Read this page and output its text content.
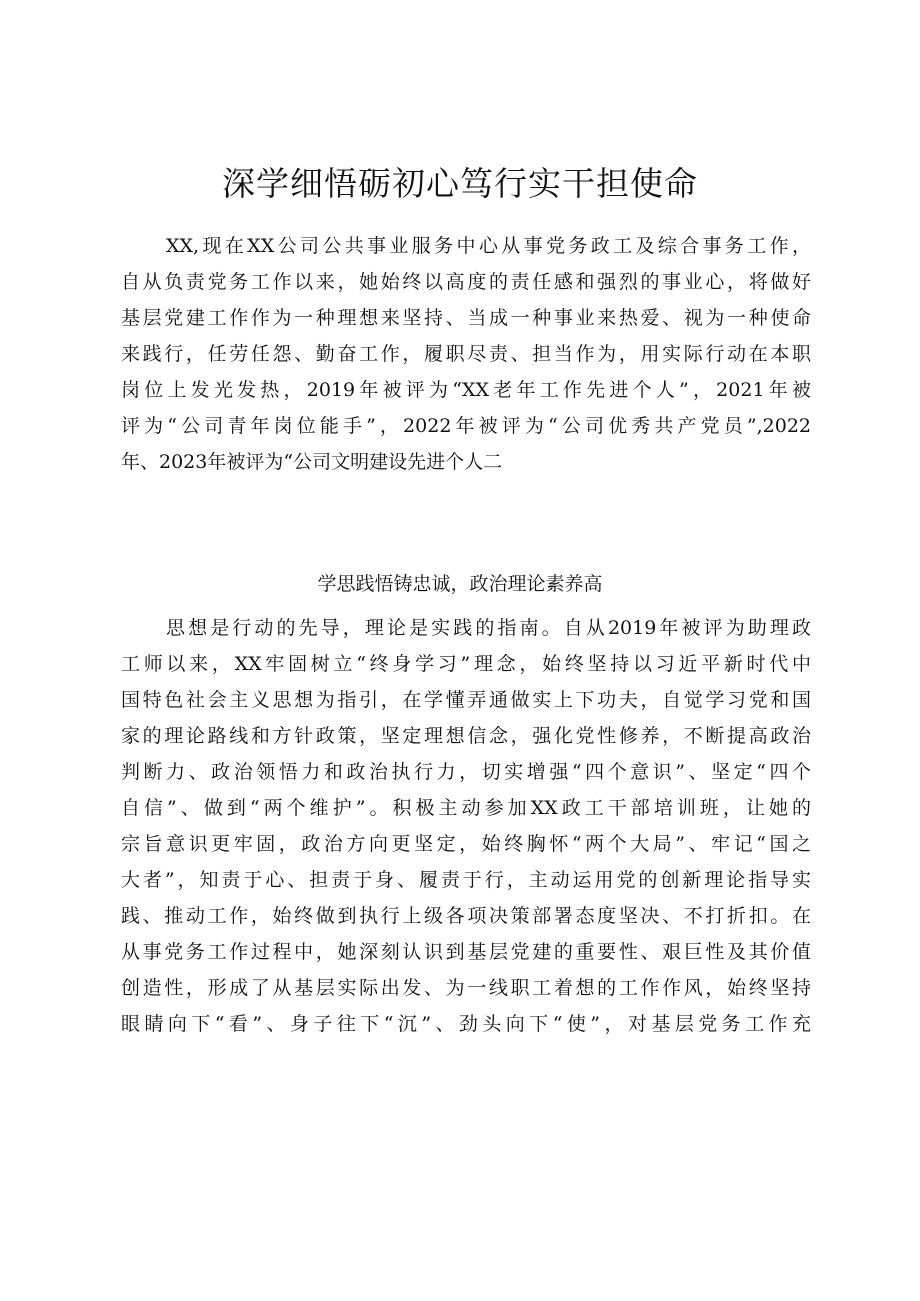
深学细悟砺初心笃行实干担使命
XX,现在XX公司公共事业服务中心从事党务政工及综合事务工作，
自从负责党务工作以来，她始终以高度的责任感和强烈的事业心，将做好
基层党建工作作为一种理想来坚持、当成一种事业来热爱、视为一种使命
来践行，任劳任怨、勤奋工作，履职尽责、担当作为，用实际行动在本职
岗位上发光发热，2019年被评为“XX老年工作先进个人”，2021年被
评为“公司青年岗位能手”，2022年被评为“公司优秀共产党员”,2022
年、2023年被评为“公司文明建设先进个人二
学思践悟铸忠诚，政治理论素养高
思想是行动的先导，理论是实践的指南。自从2019年被评为助理政
工师以来，XX牢固树立“终身学习”理念，始终坚持以习近平新时代中
国特色社会主义思想为指引，在学懂弄通做实上下功夫，自觉学习党和国
家的理论路线和方针政策，坚定理想信念，强化党性修养，不断提高政治
判断力、政治领悟力和政治执行力，切实增强“四个意识”、坚定“四个
自信”、做到“两个维护”。积极主动参加XX政工干部培训班，让她的
宗旨意识更牢固，政治方向更坚定，始终胸怀“两个大局”、牢记“国之
大者”，知责于心、担责于身、履责于行，主动运用党的创新理论指导实
践、推动工作，始终做到执行上级各项决策部署态度坚决、不打折扣。在
从事党务工作过程中，她深刻认识到基层党建的重要性、艰巨性及其价值
创造性，形成了从基层实际出发、为一线职工着想的工作作风，始终坚持
眼睛向下“看”、身子往下“沉”、劲头向下“使”，对基层党务工作充
